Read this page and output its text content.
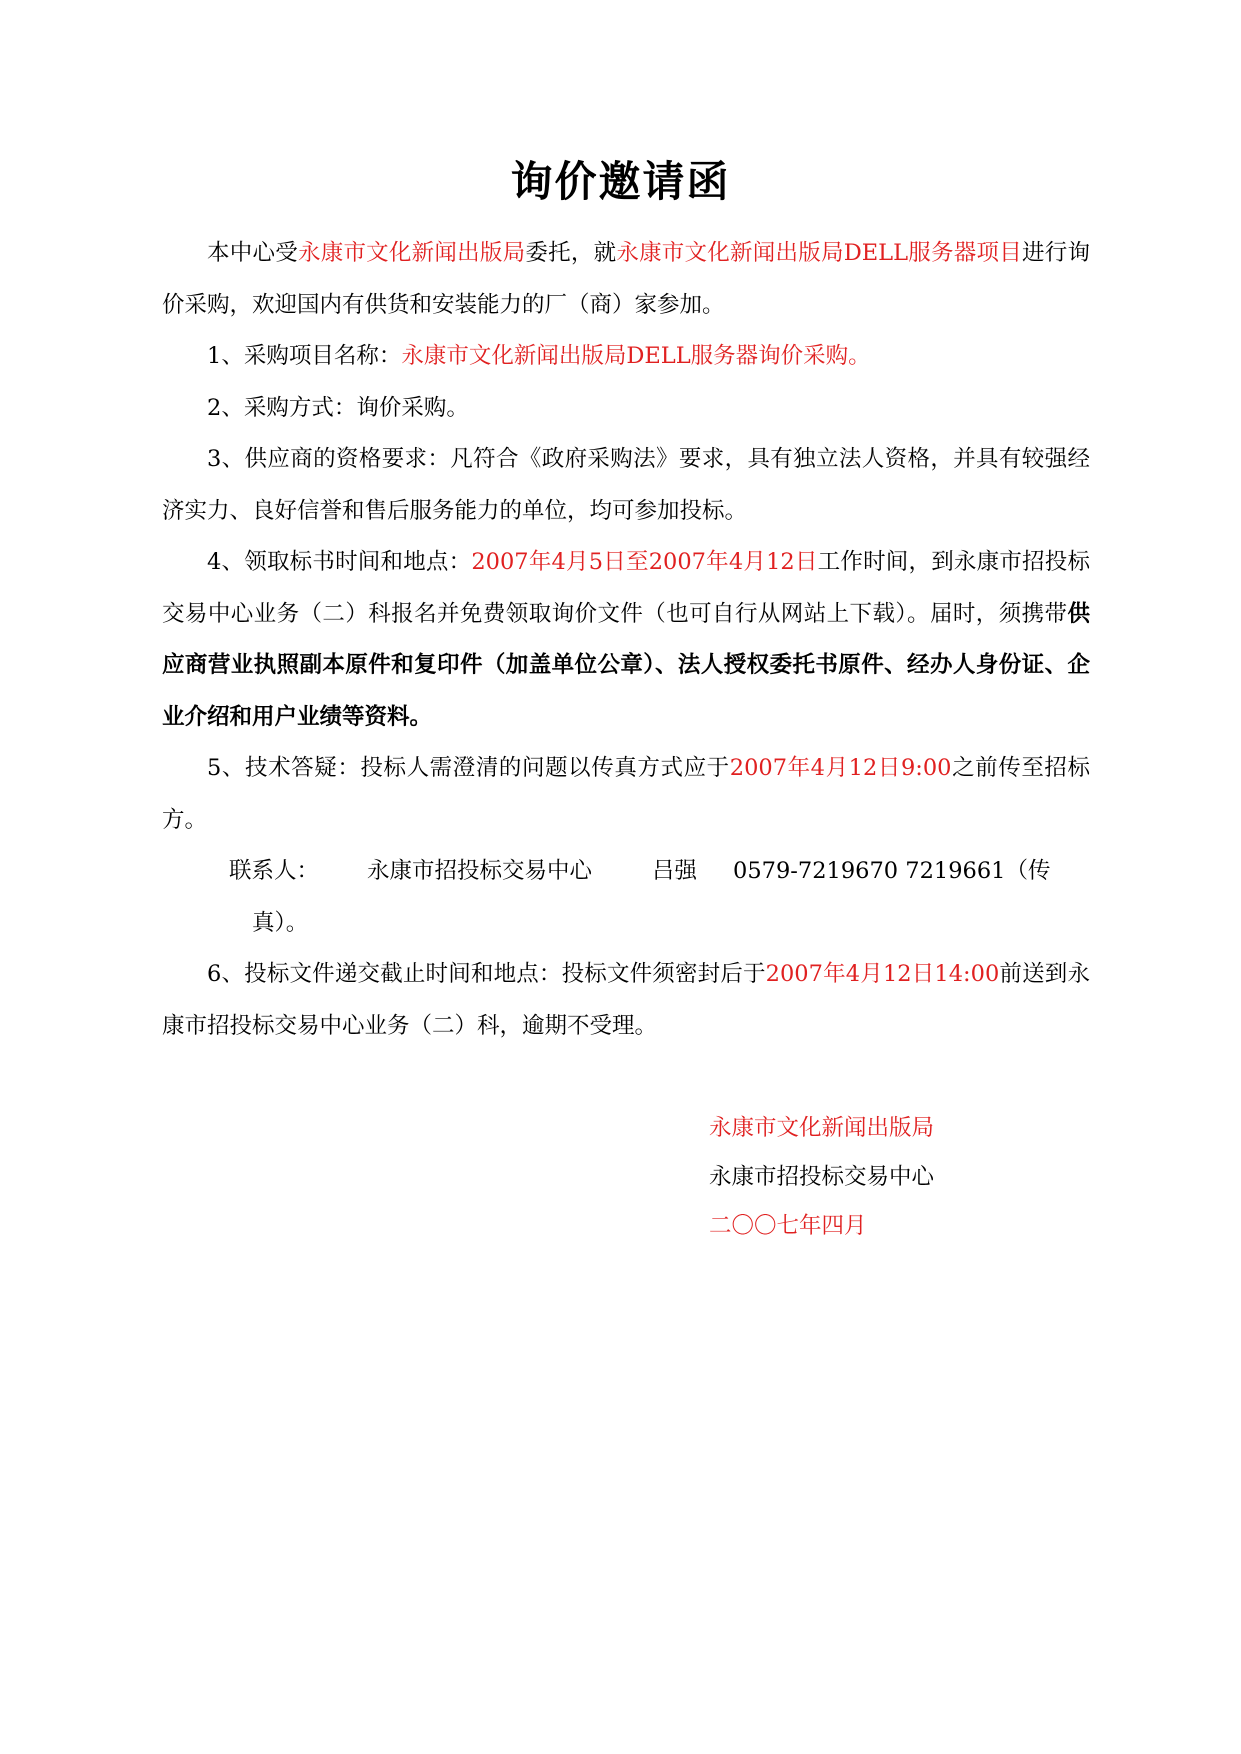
询价邀请函

本中心受永康市文化新闻出版局委托，就永康市文化新闻出版局DELL服务器项目进行询价采购，欢迎国内有供货和安装能力的厂（商）家参加。

1、采购项目名称：永康市文化新闻出版局DELL服务器询价采购。

2、采购方式：询价采购。

3、供应商的资格要求：凡符合《政府采购法》要求，具有独立法人资格，并具有较强经济实力、良好信誉和售后服务能力的单位，均可参加投标。

4、领取标书时间和地点：2007年4月5日至2007年4月12日工作时间，到永康市招投标交易中心业务（二）科报名并免费领取询价文件（也可自行从网站上下载）。届时，须携带供应商营业执照副本原件和复印件（加盖单位公章）、法人授权委托书原件、经办人身份证、企业介绍和用户业绩等资料。

5、技术答疑：投标人需澄清的问题以传真方式应于2007年4月12日9:00之前传至招标方。

联系人： 永康市招投标交易中心	吕强 0579-7219670 7219661（传

真）。

6、投标文件递交截止时间和地点：投标文件须密封后于2007年4月12日14:00前送到永康市招投标交易中心业务（二）科，逾期不受理。

永康市文化新闻出版局
永康市招投标交易中心
二〇〇七年四月
